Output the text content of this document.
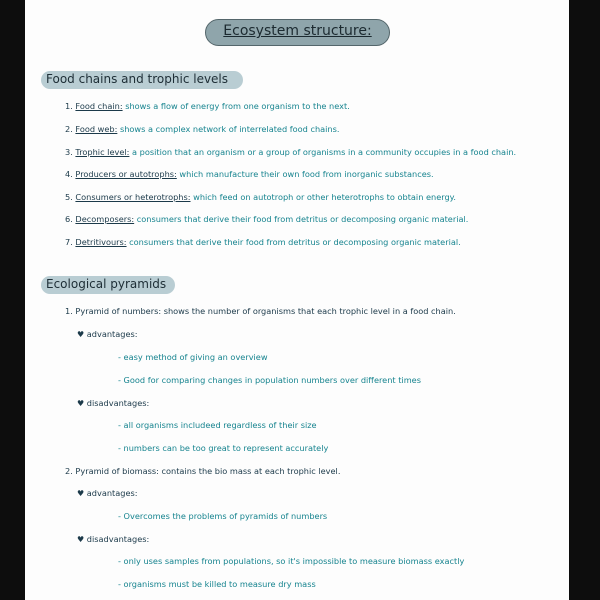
Ecosystem structure:
Food chains and trophic levels
1. Food chain: shows a flow of energy from one organism to the next.
2. Food web: shows a complex network of interrelated food chains.
3. Trophic level: a position that an organism or a group of organisms in a community occupies in a food chain.
4. Producers or autotrophs: which manufacture their own food from inorganic substances.
5. Consumers or heterotrophs: which feed on autotroph or other heterotrophs to obtain energy.
6. Decomposers: consumers that derive their food from detritus or decomposing organic material.
7. Detritivours: consumers that derive their food from detritus or decomposing organic material.
Ecological pyramids
1. Pyramid of numbers: shows the number of organisms that each trophic level in a food chain.
♥ advantages:
- easy method of giving an overview
- Good for comparing changes in population numbers over different times
♥ disadvantages:
- all organisms includeed regardless of their size
- numbers can be too great to represent accurately
2. Pyramid of biomass: contains the bio mass at each trophic level.
♥ advantages:
- Overcomes the problems of pyramids of numbers
♥ disadvantages:
- only uses samples from populations, so it's impossible to measure biomass exactly
- organisms must be killed to measure dry mass
